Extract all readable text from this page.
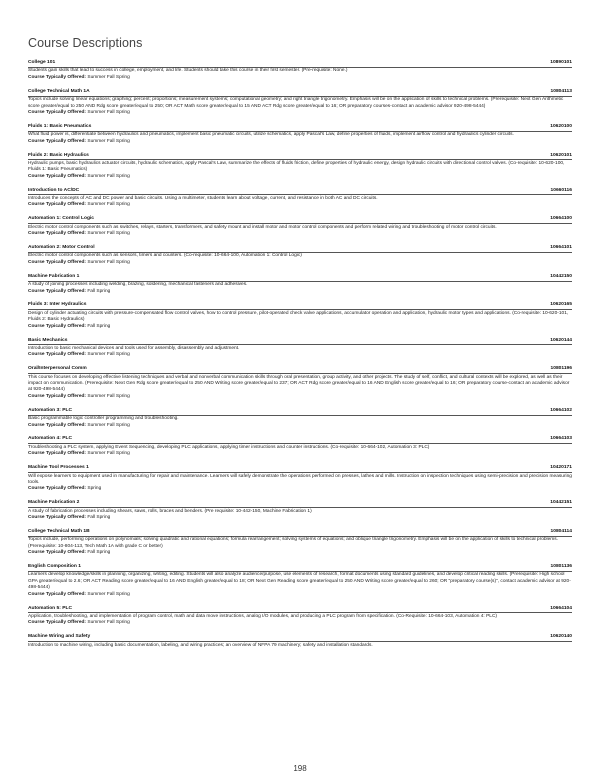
Course Descriptions
College 101	10890101
Students gain skills that lead to success in college, employment, and life. Students should take this course in their first semester. (Pre-requisite: None.)
Course Typically Offered: Summer Fall Spring
College Technical Math 1A	10804113
Topics include solving linear equations; graphing; percent; proportions; measurement systems; computational geometry; and right triangle trigonometry. Emphasis will be on the application of skills to technical problems. (Prerequisite: Next Gen Arithmetic score greater/equal to 250 AND Rdg score greater/equal to 250; OR ACT Math score greater/equal to 15 AND ACT Rdg score greater/equal to 16; OR preparatory courses-contact an academic advisor 920-498-5444)
Course Typically Offered: Summer Fall Spring
Fluids 1: Basic Pneumatics	10620100
What fluid power is, differentiate between hydraulics and pneumatics, implement basic pneumatic circuits, utilize schematics, apply Pascal's Law, define properties of fluids, implement airflow control and hydraulics cylinder circuits.
Course Typically Offered: Summer Fall Spring
Fluids 2: Basic Hydraulics	10620101
Hydraulic pumps, basic hydraulics actuator circuits, hydraulic schematics, apply Pascal's Law, summarize the effects of fluids friction, define properties of hydraulic energy, design hydraulic circuits with directional control valves. (Co-requisite: 10-620-100, Fluids 1: Basic Pneumatics)
Course Typically Offered: Summer Fall Spring
Introduction to AC/DC	10660116
Introduces the concepts of AC and DC power and basic circuits. Using a multimeter, students learn about voltage, current, and resistance in both AC and DC circuits.
Course Typically Offered: Summer Fall Spring
Automation 1: Control Logic	10664100
Electric motor control components such as switches, relays, starters, transformers, and safety mount and install motor and motor control components and perform related wiring and troubleshooting of motor control circuits.
Course Typically Offered: Summer Fall Spring
Automation 2: Motor Control	10664101
Electric motor control components such as sensors, timers and counters. (Co-requisite: 10-664-100, Automation 1: Control Logic)
Course Typically Offered: Summer Fall Spring
Machine Fabrication 1	10442150
A study of joining processes including welding, brazing, soldering, mechanical fasteners and adhesives.
Course Typically Offered: Fall Spring
Fluids 3: Inter Hydraulics	10620165
Design of cylinder actuating circuits with pressure-compensated flow control valves, how to control pressure, pilot-operated check valve applications, accumulator operation and application, hydraulic motor types and applications. (Co-requisite: 10-620-101, Fluids 2: Basic Hydraulics)
Course Typically Offered: Fall Spring
Basic Mechanics	10620144
Introduction to basic mechanical devices and tools used for assembly, disassembly and adjustment.
Course Typically Offered: Summer Fall Spring
Oral/Interpersonal Comm	10801196
This course focuses on developing effective listening techniques and verbal and nonverbal communication skills through oral presentation, group activity, and other projects. The study of self, conflict, and cultural contexts will be explored, as well as their impact on communication. (Prerequisite: Next Gen Rdg score greater/equal to 250 AND Writing score greater/equal to 237; OR ACT Rdg score greater/equal to 16 AND English score greater/equal to 16; OR preparatory course-contact an academic advisor at 920-498-5444)
Course Typically Offered: Summer Fall Spring
Automation 3: PLC	10664102
Basic programmable logic controller programming and troubleshooting.
Course Typically Offered: Summer Fall Spring
Automation 4: PLC	10664103
Troubleshooting a PLC system, applying Event Sequencing, developing PLC applications, applying timer instructions and counter instructions. (Co-requisite: 10-664-102, Automation 3: PLC)
Course Typically Offered: Summer Fall Spring
Machine Tool Processes 1	10420171
Will expose learners to equipment used in manufacturing for repair and maintenance. Learners will safely demonstrate the operations performed on presses, lathes and mills. Instruction on inspection techniques using semi-precision and precision measuring tools.
Course Typically Offered: Spring
Machine Fabrication 2	10442151
A study of fabrication processes including shears, saws, rolls, braces and benders. (Pre requisite: 10-442-150, Machine Fabrication 1)
Course Typically Offered: Fall Spring
College Technical Math 1B	10804114
Topics include, performing operations on polynomials; solving quadratic and rational equations; formula rearrangement; solving systems of equations; and oblique triangle trigonometry. Emphasis will be on the application of skills to technical problems. (Prerequisite: 10-804-113, Tech Math 1A with grade C or better)
Course Typically Offered: Fall Spring
English Composition 1	10801136
Learners develop knowledge/skills in planning, organizing, writing, editing. Students will also analyze audience/purpose, use elements of research, format documents using standard guidelines, and develop critical reading skills. (Prerequisite: High school GPA greater/equal to 2.6; OR ACT Reading score greater/equal to 16 AND English greater/equal to 18; OR Next Gen Reading score greater/equal to 250 AND Writing score greater/equal to 260; OR "preparatory course(s)", contact academic advisor at 920-498-5444)
Course Typically Offered: Summer Fall Spring
Automation 5: PLC	10664104
Application, troubleshooting, and implementation of program control, math and data move instructions, analog I/O modules, and producing a PLC program from specification. (Co-Requisite: 10-664-103, Automation 4: PLC)
Course Typically Offered: Summer Fall Spring
Machine Wiring and Safety	10620140
Introduction to machine wiring, including basic documentation, labeling, and wiring practices; an overview of NFPA 79 machinery; safety and installation standards.
198
